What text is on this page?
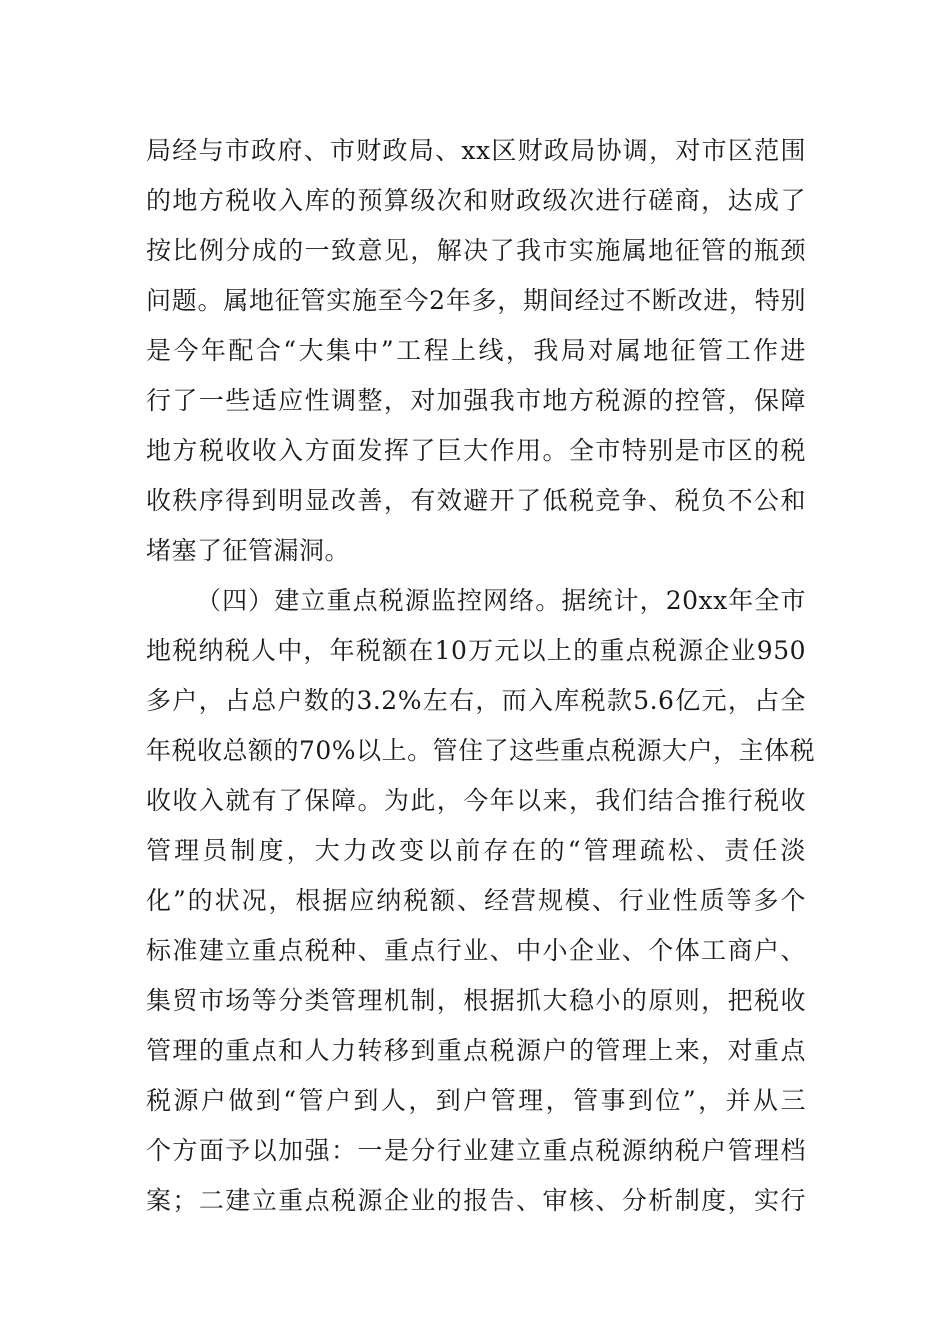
局经与市政府、市财政局、xx区财政局协调，对市区范围
的地方税收入库的预算级次和财政级次进行磋商，达成了
按比例分成的一致意见，解决了我市实施属地征管的瓶颈
问题。属地征管实施至今2年多，期间经过不断改进，特别
是今年配合“大集中”工程上线，我局对属地征管工作进
行了一些适应性调整，对加强我市地方税源的控管，保障
地方税收收入方面发挥了巨大作用。全市特别是市区的税
收秩序得到明显改善，有效避开了低税竞争、税负不公和
堵塞了征管漏洞。
（四）建立重点税源监控网络。据统计，20xx年全市
地税纳税人中，年税额在10万元以上的重点税源企业950
多户，占总户数的3.2%左右，而入库税款5.6亿元，占全
年税收总额的70%以上。管住了这些重点税源大户，主体税
收收入就有了保障。为此，今年以来，我们结合推行税收
管理员制度，大力改变以前存在的“管理疏松、责任淡
化”的状况，根据应纳税额、经营规模、行业性质等多个
标准建立重点税种、重点行业、中小企业、个体工商户、
集贸市场等分类管理机制，根据抓大稳小的原则，把税收
管理的重点和人力转移到重点税源户的管理上来，对重点
税源户做到“管户到人，到户管理，管事到位”，并从三
个方面予以加强：一是分行业建立重点税源纳税户管理档
案；二建立重点税源企业的报告、审核、分析制度，实行
